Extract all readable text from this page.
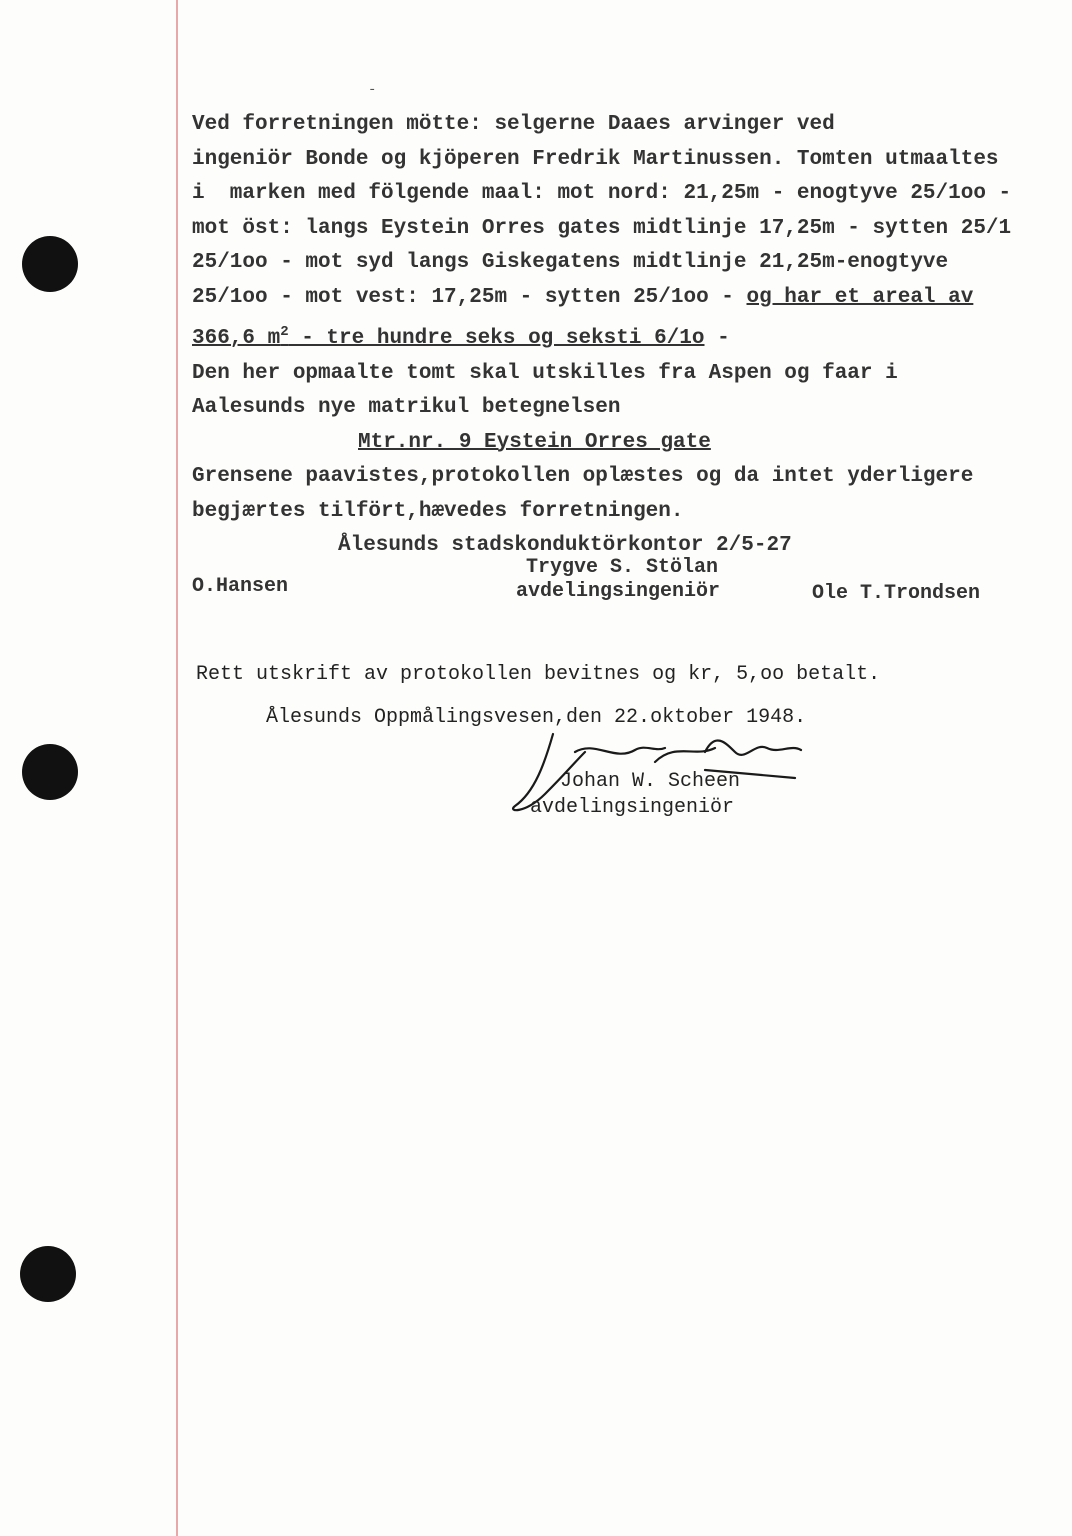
-
Ved forretningen mötte: selgerne Daaes arvinger ved
ingeniör Bonde og kjöperen Fredrik Martinussen. Tomten utmaaltes
i  marken med fölgende maal: mot nord: 21,25m - enogtyve 25/1oo -
mot öst: langs Eystein Orres gates midtlinje 17,25m - sytten 25/1
25/1oo - mot syd langs Giskegatens midtlinje 21,25m-enogtyve
25/1oo - mot vest: 17,25m - sytten 25/1oo - og har et areal av
366,6 $m^2$ - tre hundre seks og seksti 6/1o -
Den her opmaalte tomt skal utskilles fra Aspen og faar i
Aalesunds nye matrikul betegnelsen
Mtr.nr. 9 Eystein Orres gate
Grensene paavistes,protokollen oplæstes og da intet yderligere
begjærtes tilfört,hævedes forretningen.
Ålesunds stadskonduktörkontor 2/5-27
O.Hansen
Trygve S. Stölan
avdelingsingeniör	Ole T.Trondsen
Rett utskrift av protokollen bevitnes og kr, 5,oo betalt.
Ålesunds Oppmålingsvesen,den 22.oktober 1948.
Johan W. Scheen
avdelingsingeniör
